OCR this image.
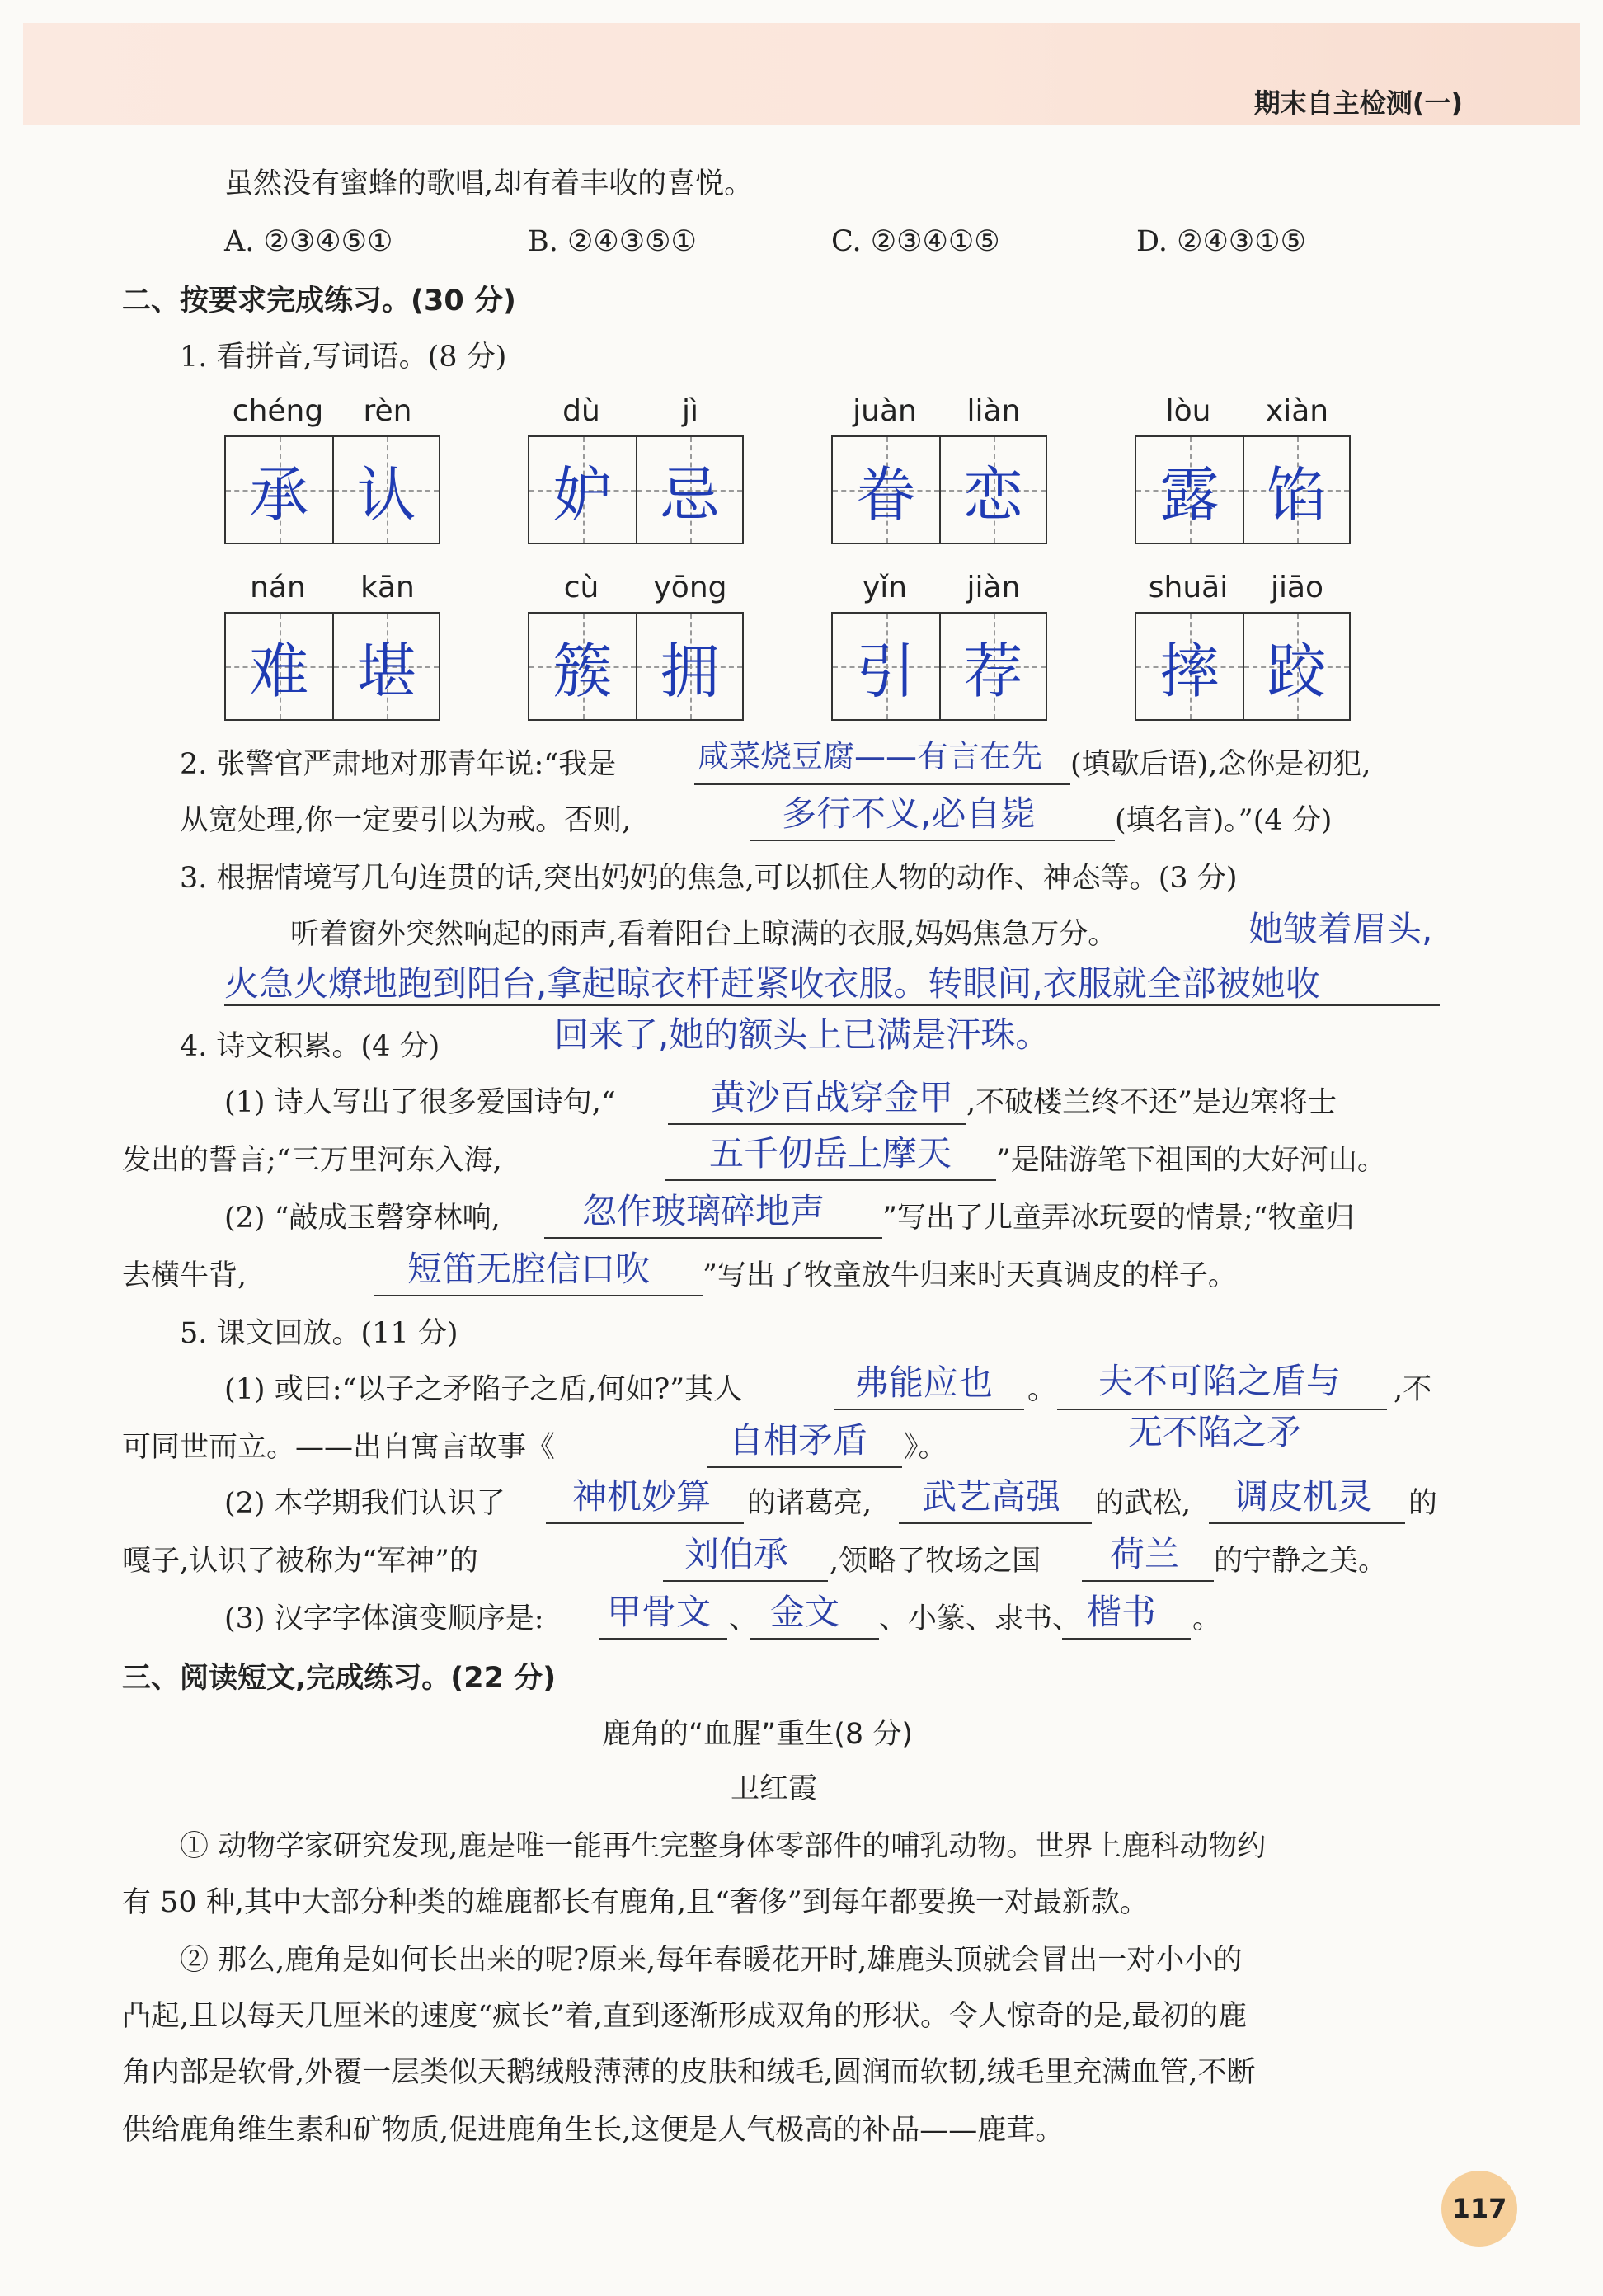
期末自主检测(一)
虽然没有蜜蜂的歌唱,却有着丰收的喜悦。
A. ②③④⑤①	B. ②④③⑤①	C. ②③④①⑤	D. ②④③①⑤
二、按要求完成练习。(30 分)
1. 看拼音,写词语。(8 分)
chéng	rèn
承 认
dù	jì
妒 忌
juàn	liàn
眷 恋
lòu	xiàn
露 馅
nán	kān
难 堪
cù	yōng
簇 拥
yǐn	jiàn
引 荐
shuāi	jiāo
摔 跤
2. 张警官严肃地对那青年说:“我是	咸菜烧豆腐——有言在先 (填歇后语),念你是初犯,
从宽处理,你一定要引以为戒。否则,	多行不义,必自毙	(填名言)。”(4 分)
3. 根据情境写几句连贯的话,突出妈妈的焦急,可以抓住人物的动作、神态等。(3 分)
听着窗外突然响起的雨声,看着阳台上晾满的衣服,妈妈焦急万分。	她皱着眉头,
火急火燎地跑到阳台,拿起晾衣杆赶紧收衣服。转眼间,衣服就全部被她收
回来了,她的额头上已满是汗珠。
4. 诗文积累。(4 分)
(1) 诗人写出了很多爱国诗句,“	黄沙百战穿金甲 ,不破楼兰终不还”是边塞将士
发出的誓言;“三万里河东入海,	五千仞岳上摩天 ”是陆游笔下祖国的大好河山。
(2) “敲成玉磬穿林响, 忽作玻璃碎地声 ”写出了儿童弄冰玩耍的情景;“牧童归
去横牛背,	短笛无腔信口吹 ”写出了牧童放牛归来时天真调皮的样子。
5. 课文回放。(11 分)
(1) 或曰:“以子之矛陷子之盾,何如?”其人	弗能应也 。 夫不可陷之盾与 ,不
无不陷之矛
可同世而立。——出自寓言故事《	自相矛盾 》。
(2) 本学期我们认识了 神机妙算 的诸葛亮, 武艺高强 的武松, 调皮机灵 的
嘎子,认识了被称为“军神”的	刘伯承 ,领略了牧场之国 荷兰 的宁静之美。
(3) 汉字字体演变顺序是: 甲骨文 、 金文 、小篆、隶书、 楷书 。
三、阅读短文,完成练习。(22 分)
鹿角的“血腥”重生(8 分)
卫红霞
① 动物学家研究发现,鹿是唯一能再生完整身体零部件的哺乳动物。世界上鹿科动物约
有 50 种,其中大部分种类的雄鹿都长有鹿角,且“奢侈”到每年都要换一对最新款。
② 那么,鹿角是如何长出来的呢?原来,每年春暖花开时,雄鹿头顶就会冒出一对小小的
凸起,且以每天几厘米的速度“疯长”着,直到逐渐形成双角的形状。令人惊奇的是,最初的鹿
角内部是软骨,外覆一层类似天鹅绒般薄薄的皮肤和绒毛,圆润而软韧,绒毛里充满血管,不断
供给鹿角维生素和矿物质,促进鹿角生长,这便是人气极高的补品——鹿茸。
117
